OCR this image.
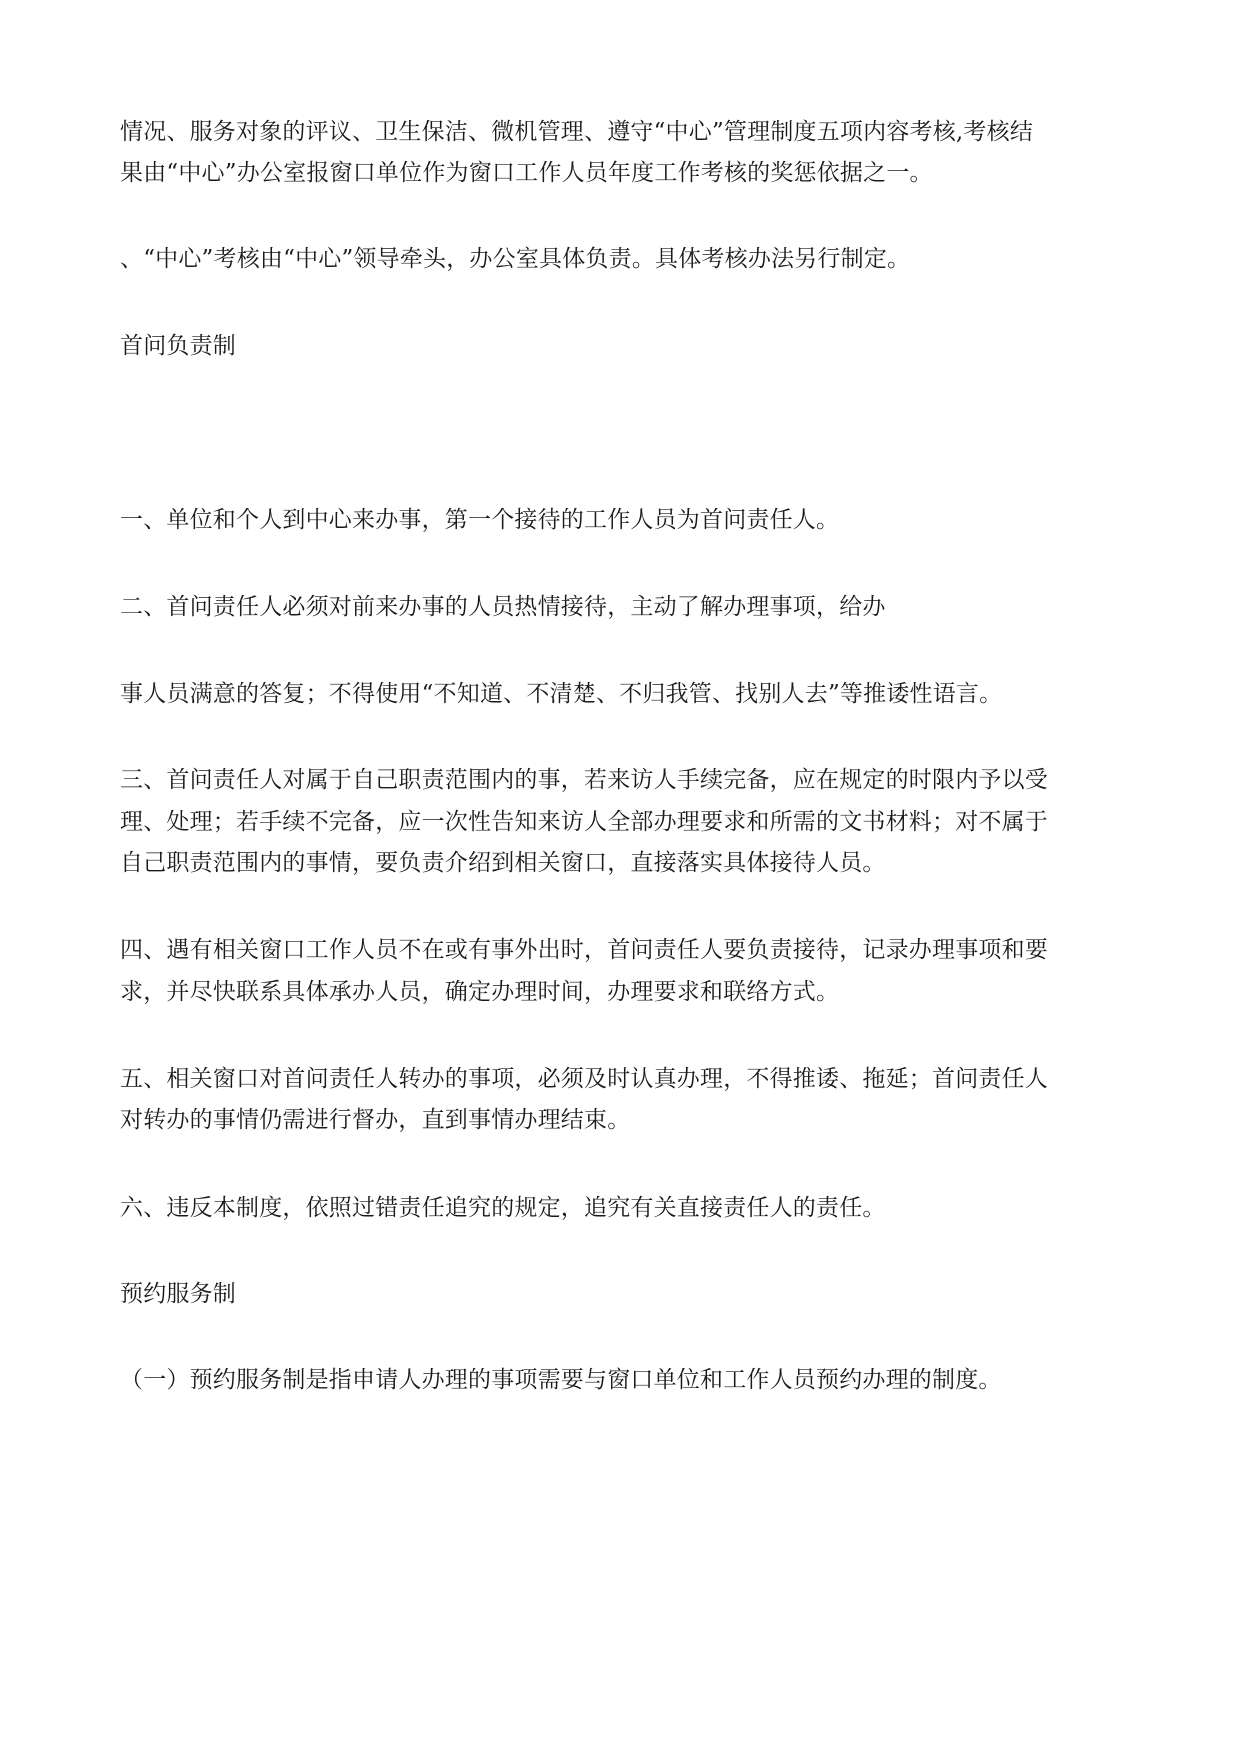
情况、服务对象的评议、卫生保洁、微机管理、遵守“中心”管理制度五项内容考核,考核结
果由“中心”办公室报窗口单位作为窗口工作人员年度工作考核的奖惩依据之一。
、“中心”考核由“中心”领导牵头，办公室具体负责。具体考核办法另行制定。
首问负责制
一、单位和个人到中心来办事，第一个接待的工作人员为首问责任人。
二、首问责任人必须对前来办事的人员热情接待，主动了解办理事项，给办
事人员满意的答复；不得使用“不知道、不清楚、不归我管、找别人去”等推诿性语言。
三、首问责任人对属于自己职责范围内的事，若来访人手续完备，应在规定的时限内予以受
理、处理；若手续不完备，应一次性告知来访人全部办理要求和所需的文书材料；对不属于
自己职责范围内的事情，要负责介绍到相关窗口，直接落实具体接待人员。
四、遇有相关窗口工作人员不在或有事外出时，首问责任人要负责接待，记录办理事项和要
求，并尽快联系具体承办人员，确定办理时间，办理要求和联络方式。
五、相关窗口对首问责任人转办的事项，必须及时认真办理，不得推诿、拖延；首问责任人
对转办的事情仍需进行督办，直到事情办理结束。
六、违反本制度，依照过错责任追究的规定，追究有关直接责任人的责任。
预约服务制
（一）预约服务制是指申请人办理的事项需要与窗口单位和工作人员预约办理的制度。
